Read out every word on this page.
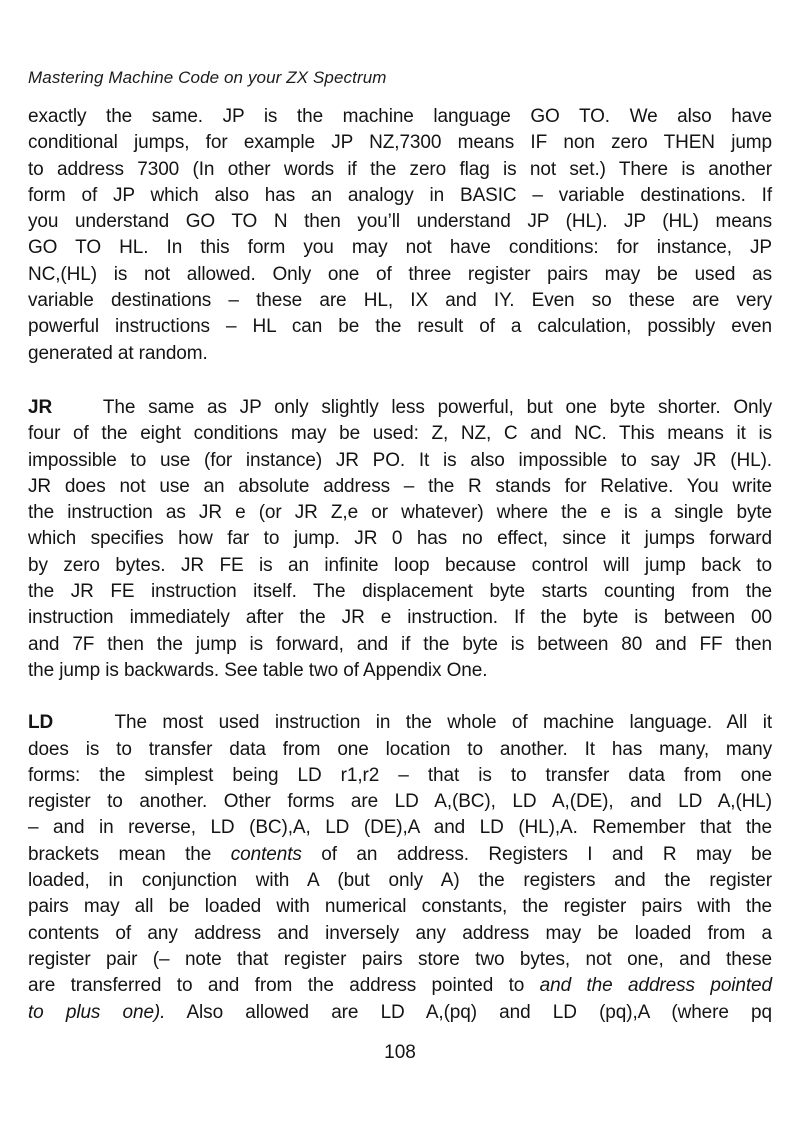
Mastering Machine Code on your ZX Spectrum
exactly the same. JP is the machine language GO TO. We also have
conditional jumps, for example JP NZ,7300 means IF non zero THEN jump
to address 7300 (In other words if the zero flag is not set.) There is another
form of JP which also has an analogy in BASIC – variable destinations. If
you understand GO TO N then you’ll understand JP (HL). JP (HL) means
GO TO HL. In this form you may not have conditions: for instance, JP
NC,(HL) is not allowed. Only one of three register pairs may be used as
variable destinations – these are HL, IX and IY. Even so these are very
powerful instructions – HL can be the result of a calculation, possibly even
generated at random.
JR    The same as JP only slightly less powerful, but one byte shorter. Only
four of the eight conditions may be used: Z, NZ, C and NC. This means it is
impossible to use (for instance) JR PO. It is also impossible to say JR (HL).
JR does not use an absolute address – the R stands for Relative. You write
the instruction as JR e (or JR Z,e or whatever) where the e is a single byte
which specifies how far to jump. JR 0 has no effect, since it jumps forward
by zero bytes. JR FE is an infinite loop because control will jump back to
the JR FE instruction itself. The displacement byte starts counting from the
instruction immediately after the JR e instruction. If the byte is between 00
and 7F then the jump is forward, and if the byte is between 80 and FF then
the jump is backwards. See table two of Appendix One.
LD    The most used instruction in the whole of machine language. All it
does is to transfer data from one location to another. It has many, many
forms: the simplest being LD r1,r2 – that is to transfer data from one
register to another. Other forms are LD A,(BC), LD A,(DE), and LD A,(HL)
– and in reverse, LD (BC),A, LD (DE),A and LD (HL),A. Remember that the
brackets mean the contents of an address. Registers I and R may be
loaded, in conjunction with A (but only A) the registers and the register
pairs may all be loaded with numerical constants, the register pairs with the
contents of any address and inversely any address may be loaded from a
register pair (– note that register pairs store two bytes, not one, and these
are transferred to and from the address pointed to and the address pointed
to plus one). Also allowed are LD A,(pq) and LD (pq),A (where pq
108
